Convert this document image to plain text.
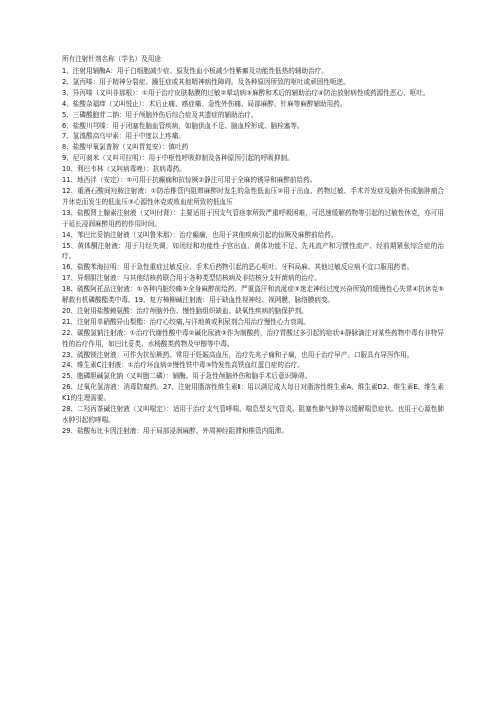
所有注射针剂名称（学名）及用途

1、注射用辅酶A：用于白细胞减少症、原发性血小板减少性紫癜及功能性低热的辅助治疗。

2、氯丙嗪：用于精神分裂症、躁狂症或其他精神病性障碍。及各种原因所致的呕吐或顽固性呃逆。

3、异丙嗪（又叫非那根）：①用于治疗皮肤黏膜的过敏②晕动病③麻醉和术后的辅助治疗④防治放射病性或药源性恶心、呕吐。

4、盐酸杂福痒（又叫悦止）：术后止痛、癌症痛、急性外伤痛、局部麻醉、针麻等麻醉辅助用药。

5、三磷酸胞苷二钠：用于颅脑外伤后综合症及其遗症的辅助治疗。

6、盐酸川芎嗪：用于闭塞性脑血管疾病，如脑供血不足、脑血栓形成、脑栓塞等。

7、氢溴酸高乌甲素：用于中度以上疼痛。

8、盐酸甲氧氯普胺（又叫胃复安）：镇吐药

9、尼可刹米（又叫可拉明）：用于中枢性呼吸抑制及各种原因引起的呼吸抑制。

10、利巴韦林（又叫病毒唑）：抗病毒药。

11、地西泮（安定）：①可用于抗癫痫和抗惊厥②静注可用于全麻的诱导和麻醉前给药。

12、重酒石酸间羟胺注射液：①防治椎管内阻滞麻醉时发生的急性低血压②用于出血、药物过敏、手术并发症及脑外伤或脑肿瘤合并休克而发生的低血压③心源性休克或败血症所致的低血压

13、盐酸肾上腺素注射液（又叫付肾）：主要适用于因支气管痉挛所致严重呼吸困难，可迅速缓解药物等引起的过敏性休克，亦可用于延长浸润麻醉用药的作用时间。

14、苯巴比妥钠注射液（又叫鲁米那）：治疗癫痫，也用于其他疾病引起的惊厥及麻醉前给药。

15、黄体酮注射液：用于月经失调，如闭经和功能性子宫出血、黄体功能不足、先兆流产和习惯性流产、经前期紧张综合症的治疗。

16、盐酸苯海拉明：用于急性重症过敏反应、手术后药物引起的恶心呕吐、牙科局麻、其他过敏反应病不宜口服用药者。

17、异烟肼注射液：与其他结核药联合用于各种类型结核病及非结核分支杆菌病的治疗。

18、硫酸阿托品注射液：①各种内脏绞痛②全身麻醉前给药、严重盗汗和流涎症③迷走神经过度兴奋所致的缓慢性心失常④抗休克⑤解救有机磷酸酯类中毒。19、复方樟柳碱注射液：用于缺血性视神经、视网膜、脉络膜病变。

20、注射用盐酸赖氨酸：治疗颅脑外伤、慢性脑组织缺血、缺氧性疾病的脑保护剂。

21、注射用单硝酸异山梨酯：治疗心绞痛,与洋地黄或利尿剂合用治疗慢性心力衰竭。

22、碳酸氢钠注射液：①治疗代谢性酸中毒②碱化尿液③作为制酸药，治疗胃酸过多引起的症状④静脉滴注对某些药物中毒有非特异性的治疗作用，如巴比妥类、水杨酸类药物及甲醇等中毒。

23、硫酸镁注射液：可作为抗惊厥药。常用于妊娠高血压，治疗先兆子痫和子痫，也用于治疗早产。口服具有导泻作用。

24、维生素C注射液：①治疗坏血病②慢性铁中毒③特发性高铁血红蛋白症的治疗。

25、胞磷胆碱氯化钠（又叫胞二磷）：辅酶。用于急性颅脑外伤和脑手术后意识障碍。

26、过氧化氢溶液：消毒防腐药。27、注射用脂溶性维生素Ⅱ：用以满足成人每日对脂溶性维生素A、维生素D2、维生素E、维生素K1的生理需要。

28、二羟丙茶碱注射液（又叫喘定）：适用于治疗支气管哮喘、喘息型支气管炎、阻塞性肺气肿等以缓解喘息症状。也用于心源性肺水肿引起的哮喘。

29、盐酸布比卡因注射液：用于局部浸润麻醉、外周神经阻滞和椎管内阻滞。
